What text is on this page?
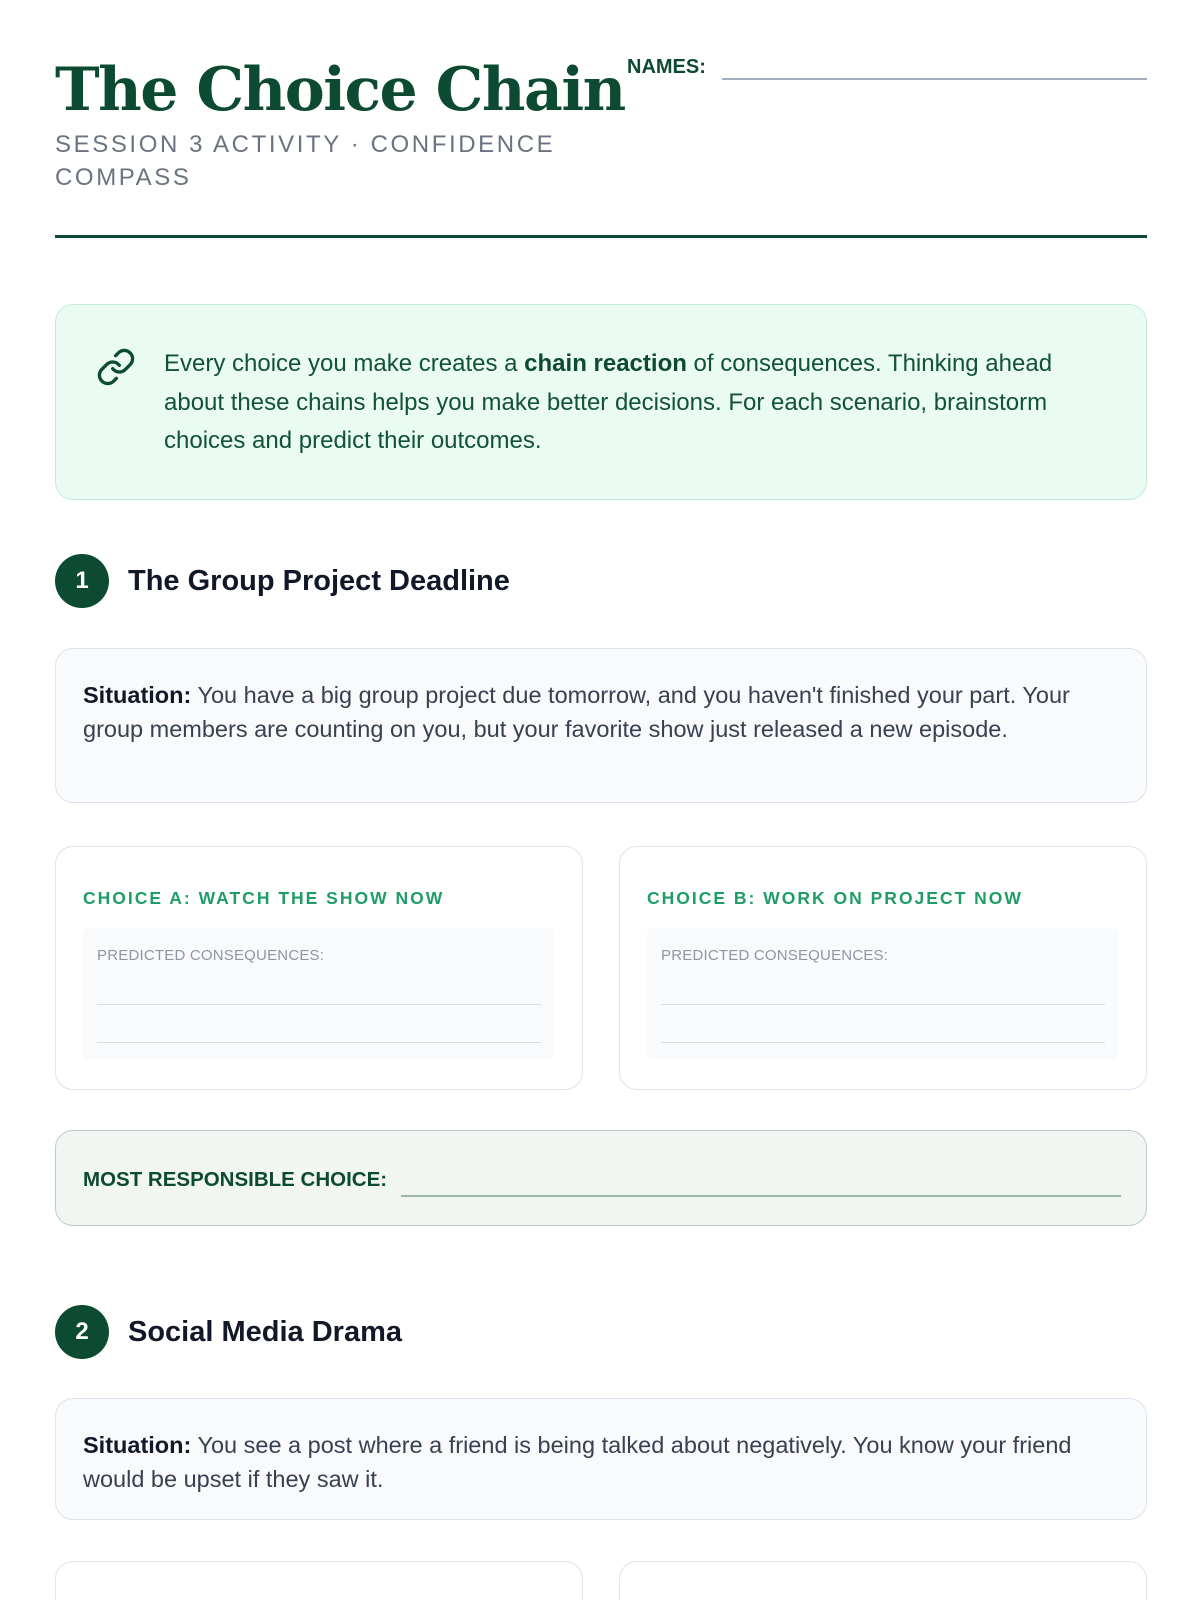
The Choice Chain
SESSION 3 ACTIVITY · CONFIDENCE COMPASS
NAMES:
Every choice you make creates a chain reaction of consequences. Thinking ahead about these chains helps you make better decisions. For each scenario, brainstorm choices and predict their outcomes.
1	The Group Project Deadline
Situation: You have a big group project due tomorrow, and you haven't finished your part. Your group members are counting on you, but your favorite show just released a new episode.
CHOICE A: WATCH THE SHOW NOW
PREDICTED CONSEQUENCES:
CHOICE B: WORK ON PROJECT NOW
PREDICTED CONSEQUENCES:
MOST RESPONSIBLE CHOICE:
2	Social Media Drama
Situation: You see a post where a friend is being talked about negatively. You know your friend would be upset if they saw it.
